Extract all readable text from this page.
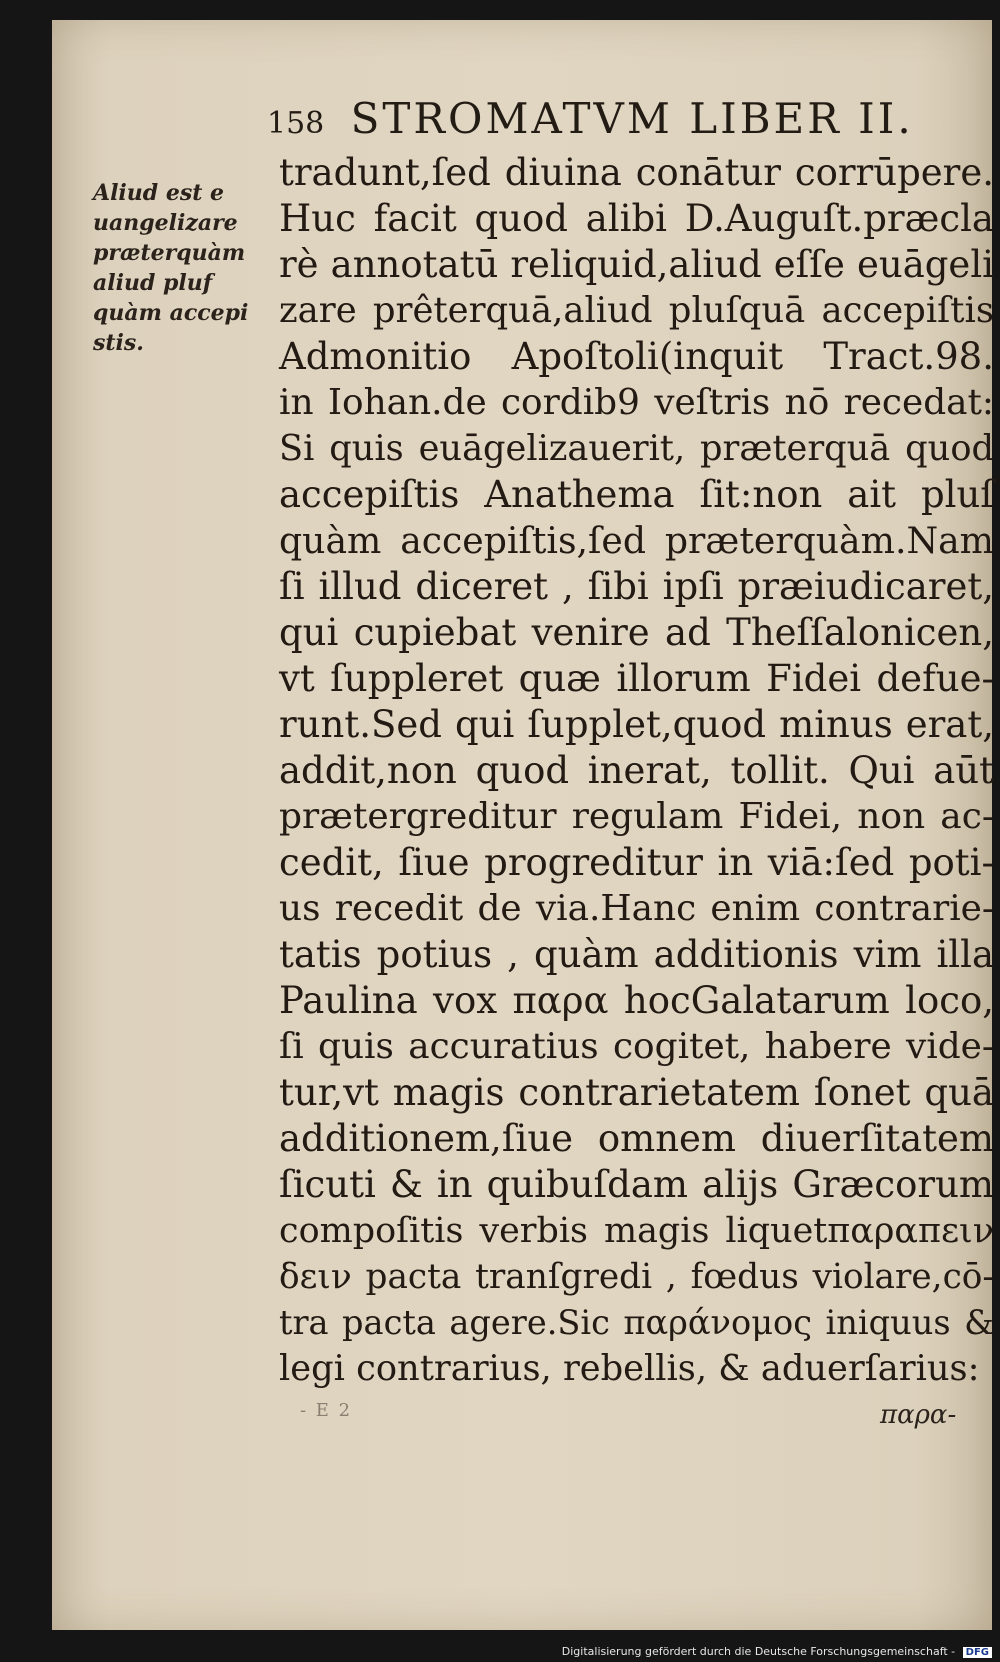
158 STROMATVM LIBER II.
Aliud est e
uangelizare
præterquàm
aliud pluf
quàm accepi
stis.
tradunt,ſed diuina conātur corrūpere.
Huc facit quod alibi D.Auguſt.præcla
rè annotatū reliquid,aliud eſſe euāgeli
zare prêterquā,aliud pluſquā accepiſtis
Admonitio Apoſtoli(inquit Tract.98.
in Iohan.de cordib9 veſtris nō recedat:
Si quis euāgelizauerit, præterquā quod
accepiſtis Anathema ſit:non ait pluſ
quàm accepiſtis,ſed præterquàm.Nam
ſi illud diceret , ſibi ipſi præiudicaret,
qui cupiebat venire ad Theſſalonicen,
vt ſuppleret quæ illorum Fidei defue-
runt.Sed qui ſupplet,quod minus erat,
addit,non quod inerat, tollit. Qui aūt
prætergreditur regulam Fidei, non ac-
cedit, ſiue progreditur in viā:ſed poti-
us recedit de via.Hanc enim contrarie-
tatis potius , quàm additionis vim illa
Paulina vox παρα hocGalatarum loco,
ſi quis accuratius cogitet, habere vide-
tur,vt magis contrarietatem ſonet quā
additionem,ſiue omnem diuerſitatem
ſicuti & in quibuſdam alijs Græcorum
compoſitis verbis magis liquetπαραπειν
δειν pacta tranſgredi , fœdus violare,cō-
tra pacta agere.Sic παράνομος iniquus &
legi contrarius, rebellis, & aduerſarius:
- E 2	παρα-
Digitalisierung gefördert durch die Deutsche Forschungsgemeinschaft - DFG
